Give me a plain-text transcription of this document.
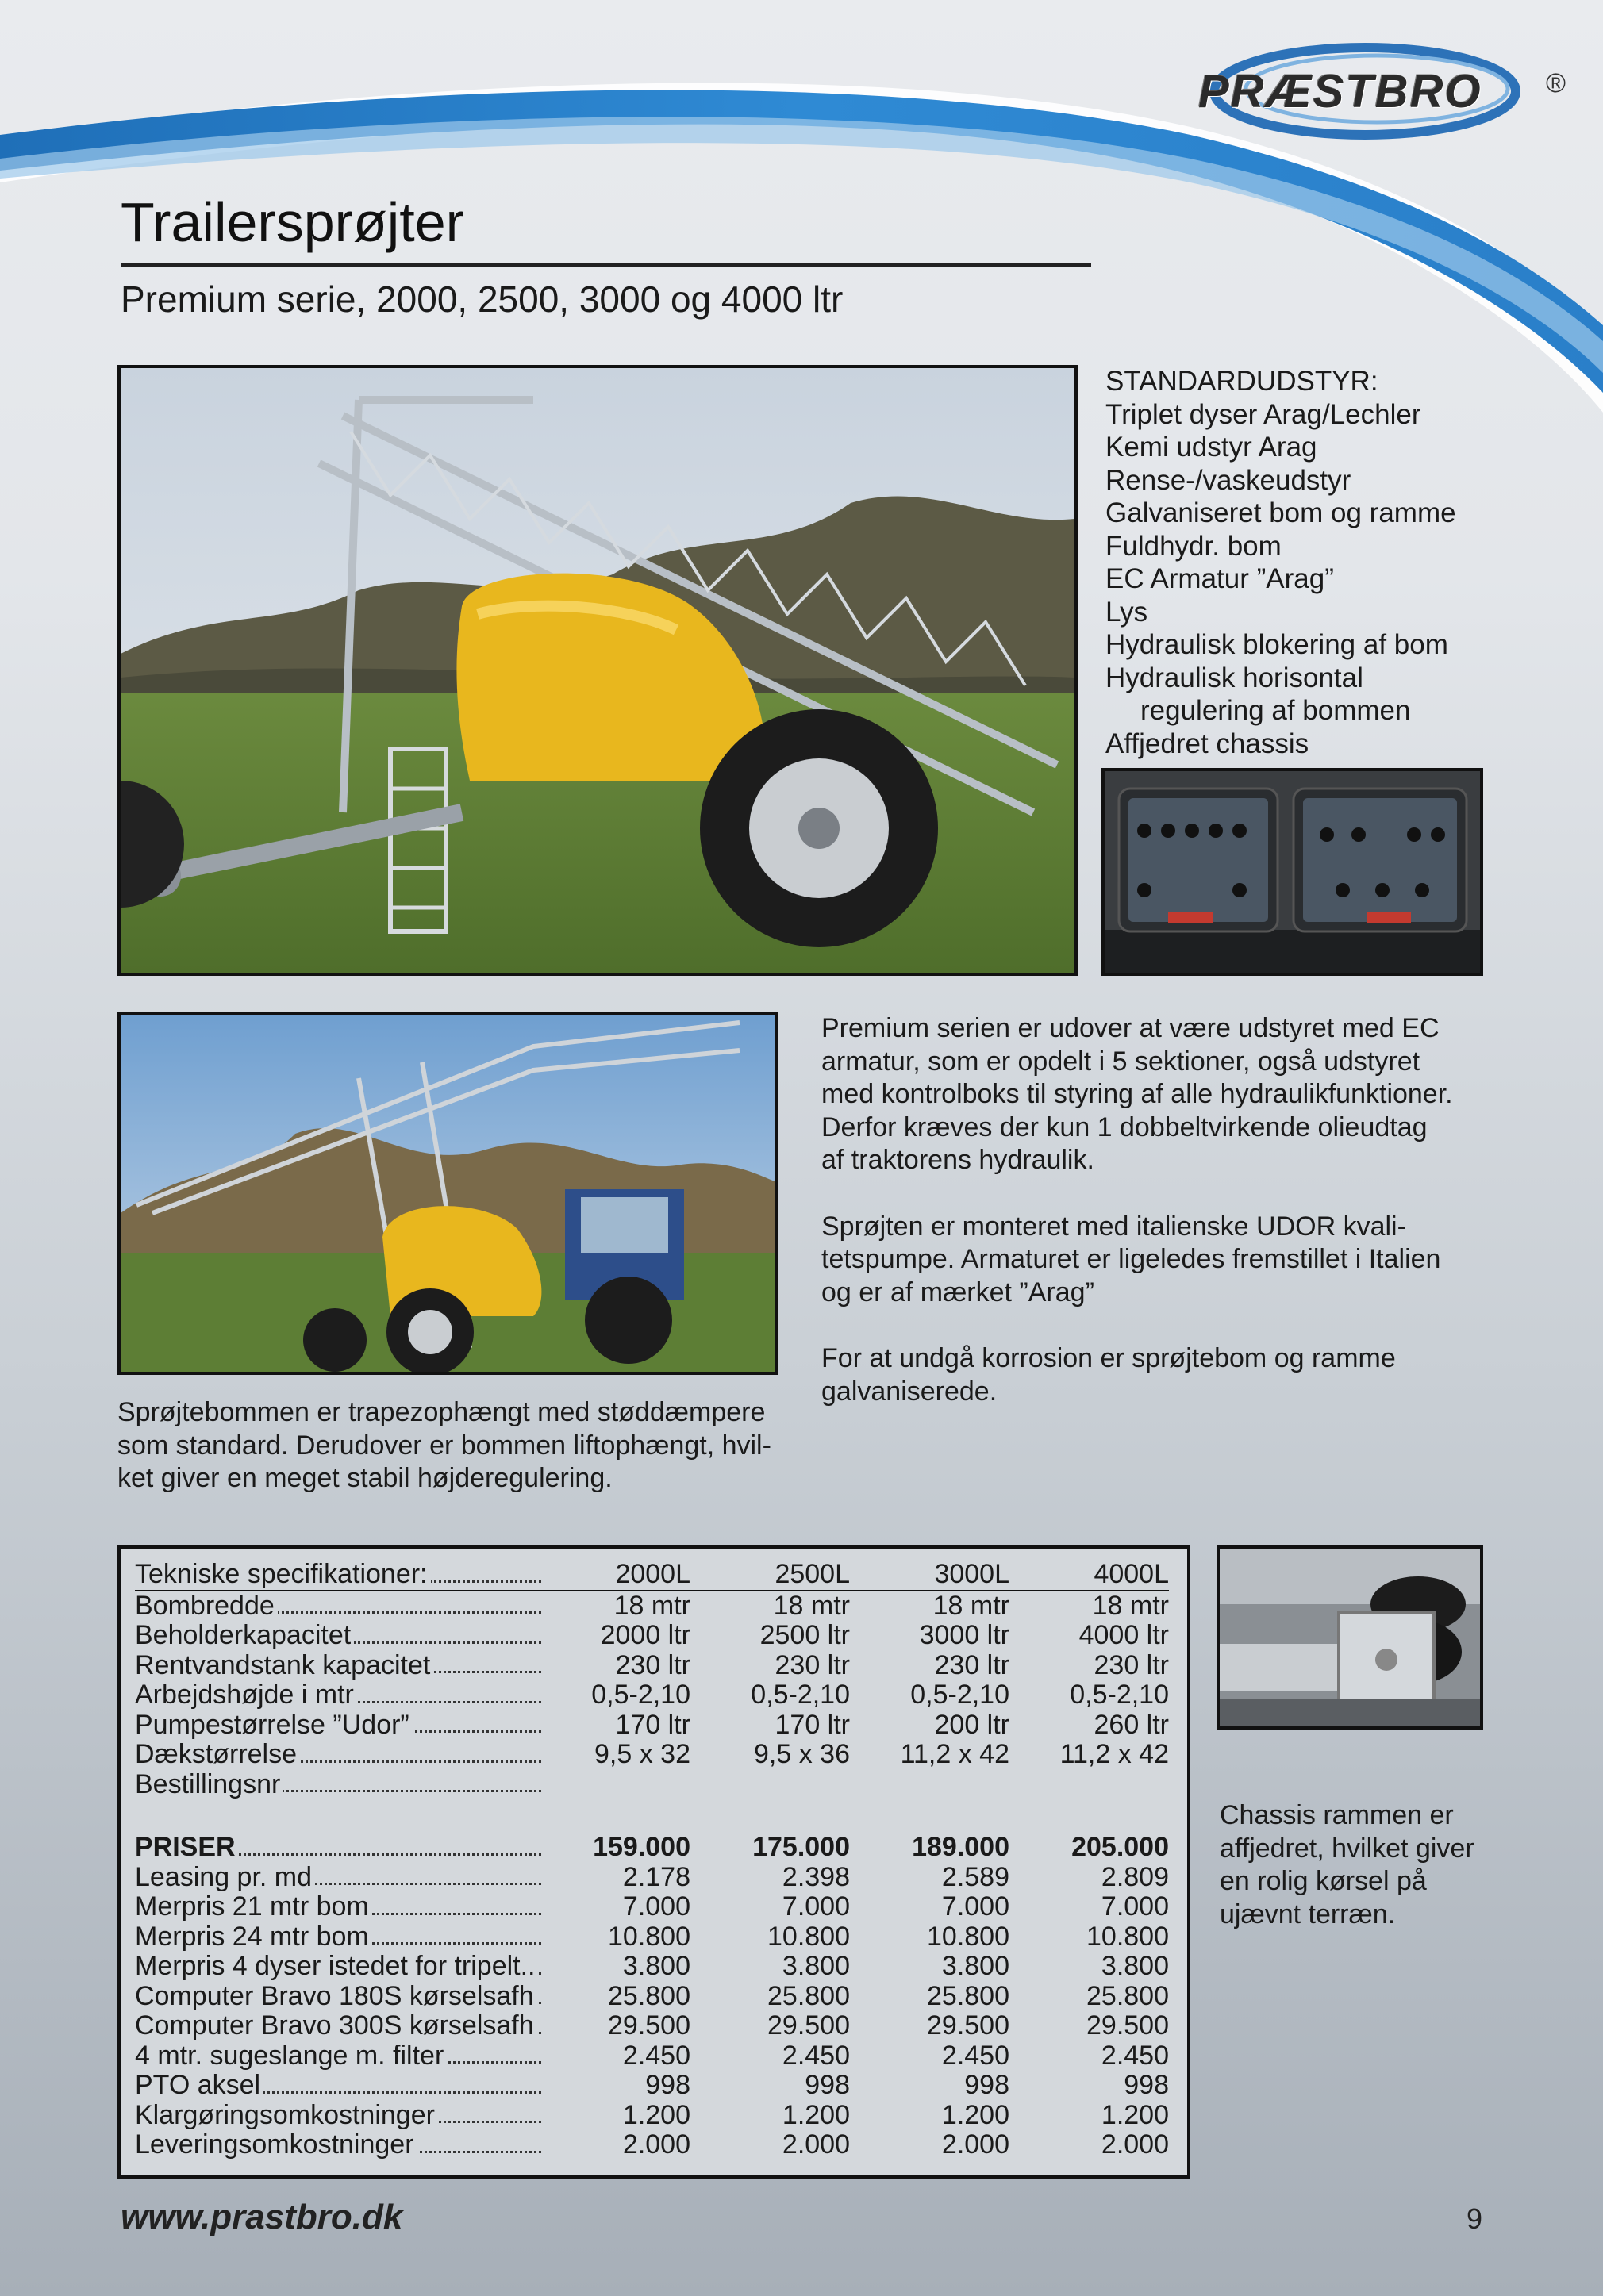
PRÆSTBRO ®
Trailersprøjter
Premium serie, 2000, 2500, 3000 og 4000 ltr
STANDARDUDSTYR:
Triplet dyser Arag/Lechler
Kemi udstyr Arag
Rense-/vaskeudstyr
Galvaniseret bom og ramme
Fuldhydr. bom
EC Armatur ”Arag”
Lys
Hydraulisk blokering af bom
Hydraulisk horisontal
regulering af bommen
Affjedret chassis

Premium serien er udover at være udstyret med EC
armatur, som er opdelt i 5 sektioner, også udstyret
med kontrolboks til styring af alle hydraulikfunktioner.
Derfor kræves der kun 1 dobbeltvirkende olieudtag
af traktorens hydraulik.

Sprøjten er monteret med italienske UDOR kvali-
tetspumpe. Armaturet er ligeledes fremstillet i Italien
og er af mærket ”Arag”

For at undgå korrosion er sprøjtebom og ramme
galvaniserede.

Sprøjtebommen er trapezophængt med støddæmpere
som standard. Derudover er bommen liftophængt, hvil-
ket giver en meget stabil højderegulering.
Tekniske specifikationer:	2000L	2500L	3000L	4000L

Bombredde	18 mtr	18 mtr	18 mtr	18 mtr

Beholderkapacitet	2000 ltr	2500 ltr	3000 ltr	4000 ltr

Rentvandstank kapacitet	230 ltr	230 ltr	230 ltr	230 ltr

Arbejdshøjde i mtr	0,5-2,10	0,5-2,10	0,5-2,10	0,5-2,10

Pumpestørrelse ”Udor”	170 ltr	170 ltr	200 ltr	260 ltr

Dækstørrelse	9,5 x 32	9,5 x 36	11,2 x 42	11,2 x 42

Bestillingsnr				

PRISER	159.000	175.000	189.000	205.000

Leasing pr. md	2.178	2.398	2.589	2.809

Merpris 21 mtr bom	7.000	7.000	7.000	7.000

Merpris 24 mtr bom	10.800	10.800	10.800	10.800

Merpris 4 dyser istedet for tripelt..	3.800	3.800	3.800	3.800

Computer Bravo 180S kørselsafh	25.800	25.800	25.800	25.800

Computer Bravo 300S kørselsafh	29.500	29.500	29.500	29.500

4 mtr. sugeslange m. filter	2.450	2.450	2.450	2.450

PTO aksel	998	998	998	998

Klargøringsomkostninger	1.200	1.200	1.200	1.200

Leveringsomkostninger	2.000	2.000	2.000	2.000
Chassis rammen er
affjedret, hvilket giver
en rolig kørsel på
ujævnt terræn.
www.prastbro.dk	9
